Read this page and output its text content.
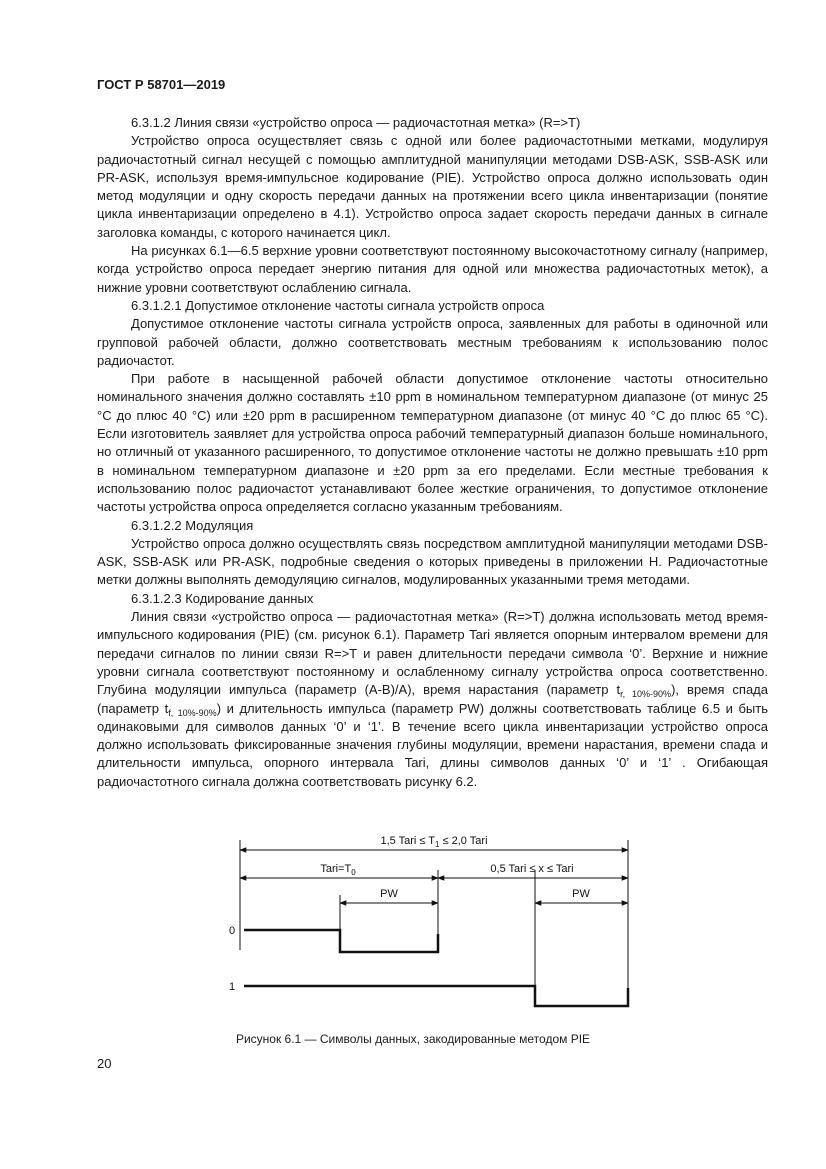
ГОСТ Р 58701—2019

6.3.1.2 Линия связи «устройство опроса — радиочастотная метка» (R=>T)

Устройство опроса осуществляет связь с одной или более радиочастотными метками, модулируя радиочастотный сигнал несущей с помощью амплитудной манипуляции методами DSB-ASK, SSB-ASK или PR-ASK, используя время-импульсное кодирование (PIE). Устройство опроса должно использовать один метод модуляции и одну скорость передачи данных на протяжении всего цикла инвентаризации (понятие цикла инвентаризации определено в 4.1). Устройство опроса задает скорость передачи данных в сигнале заголовка команды, с которого начинается цикл.

На рисунках 6.1—6.5 верхние уровни соответствуют постоянному высокочастотному сигналу (например, когда устройство опроса передает энергию питания для одной или множества радиочастотных меток), а нижние уровни соответствуют ослаблению сигнала.

6.3.1.2.1 Допустимое отклонение частоты сигнала устройств опроса

Допустимое отклонение частоты сигнала устройств опроса, заявленных для работы в одиночной или групповой рабочей области, должно соответствовать местным требованиям к использованию полос радиочастот.

При работе в насыщенной рабочей области допустимое отклонение частоты относительно номинального значения должно составлять ±10 ppm в номинальном температурном диапазоне (от минус 25 °С до плюс 40 °С) или ±20 ppm в расширенном температурном диапазоне (от минус 40 °С до плюс 65 °С). Если изготовитель заявляет для устройства опроса рабочий температурный диапазон больше номинального, но отличный от указанного расширенного, то допустимое отклонение частоты не должно превышать ±10 ppm в номинальном температурном диапазоне и ±20 ppm за его пределами. Если местные требования к использованию полос радиочастот устанавливают более жесткие ограничения, то допустимое отклонение частоты устройства опроса определяется согласно указанным требованиям.

6.3.1.2.2 Модуляция

Устройство опроса должно осуществлять связь посредством амплитудной манипуляции методами DSB-ASK, SSB-ASK или PR-ASK, подробные сведения о которых приведены в приложении Н. Радиочастотные метки должны выполнять демодуляцию сигналов, модулированных указанными тремя методами.

6.3.1.2.3 Кодирование данных

Линия связи «устройство опроса — радиочастотная метка» (R=>T) должна использовать метод время-импульсного кодирования (PIE) (см. рисунок 6.1). Параметр Tari является опорным интервалом времени для передачи сигналов по линии связи R=>T и равен длительности передачи символа ‘0’. Верхние и нижние уровни сигнала соответствуют постоянному и ослабленному сигналу устройства опроса соответственно. Глубина модуляции импульса (параметр (А-В)/А), время нарастания (параметр $t_{r, 10\%-90\%}$), время спада (параметр $t_{f, 10\%-90\%}$) и длительность импульса (параметр PW) должны соответствовать таблице 6.5 и быть одинаковыми для символов данных ‘0’ и ‘1’. В течение всего цикла инвентаризации устройство опроса должно использовать фиксированные значения глубины модуляции, времени нарастания, времени спада и длительности импульса, опорного интервала Tari, длины символов данных ‘0’ и ‘1’ . Огибающая радиочастотного сигнала должна соответствовать рисунку 6.2.

1,5 Tari ≤ $T_1 \le 2,0$ Tari
$Tari=T_0$	0,5 Tari ≤ x ≤ Tari
PW	PW
0
1
Рисунок 6.1 — Символы данных, закодированные методом PIE
20
